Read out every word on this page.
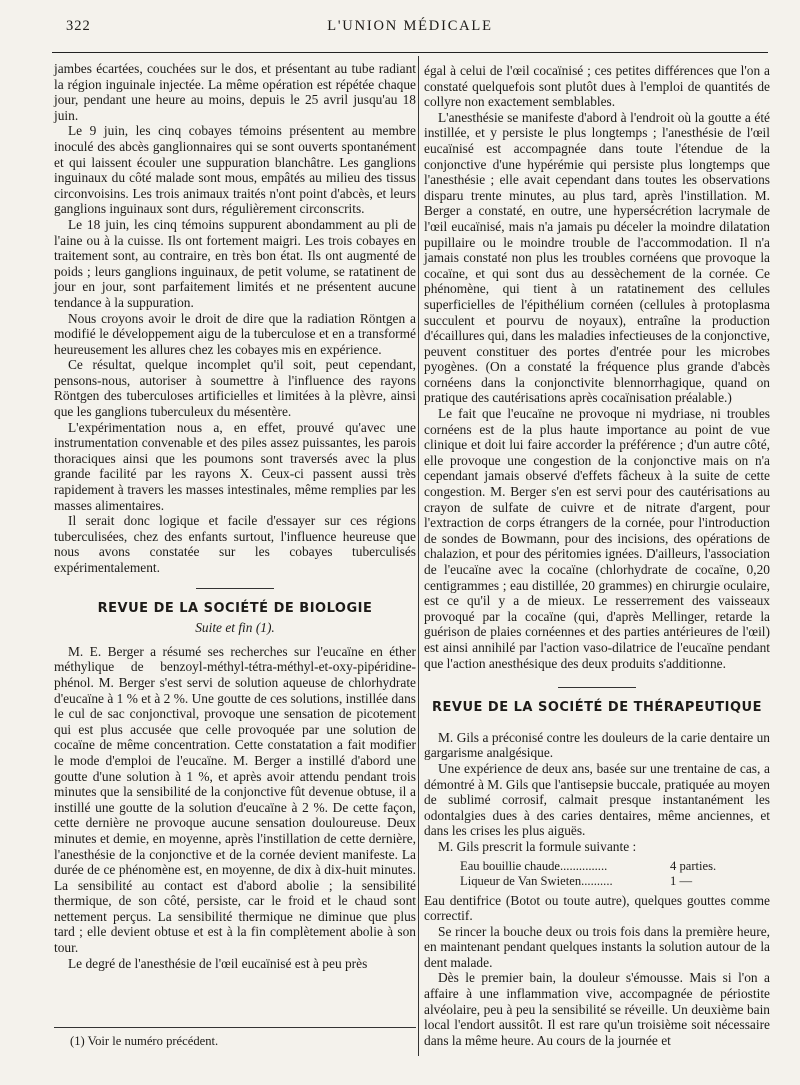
322	L'UNION MÉDICALE

jambes écartées, couchées sur le dos, et présentant au tube radiant la région inguinale injectée. La même opération est répétée chaque jour, pendant une heure au moins, depuis le 25 avril jusqu'au 18 juin.

Le 9 juin, les cinq cobayes témoins présentent au membre inoculé des abcès ganglionnaires qui se sont ouverts spontanément et qui laissent écouler une suppuration blanchâtre. Les ganglions inguinaux du côté malade sont mous, empâtés au milieu des tissus circonvoisins. Les trois animaux traités n'ont point d'abcès, et leurs ganglions inguinaux sont durs, régulièrement circonscrits.

Le 18 juin, les cinq témoins suppurent abondamment au pli de l'aine ou à la cuisse. Ils ont fortement maigri. Les trois cobayes en traitement sont, au contraire, en très bon état. Ils ont augmenté de poids ; leurs ganglions inguinaux, de petit volume, se ratatinent de jour en jour, sont parfaitement limités et ne présentent aucune tendance à la suppuration.

Nous croyons avoir le droit de dire que la radiation Röntgen a modifié le développement aigu de la tuberculose et en a transformé heureusement les allures chez les cobayes mis en expérience.

Ce résultat, quelque incomplet qu'il soit, peut cependant, pensons-nous, autoriser à soumettre à l'influence des rayons Röntgen des tuberculoses artificielles et limitées à la plèvre, ainsi que les ganglions tuberculeux du mésentère.

L'expérimentation nous a, en effet, prouvé qu'avec une instrumentation convenable et des piles assez puissantes, les parois thoraciques ainsi que les poumons sont traversés avec la plus grande facilité par les rayons X. Ceux-ci passent aussi très rapidement à travers les masses intestinales, même remplies par les masses alimentaires.

Il serait donc logique et facile d'essayer sur ces régions tuberculisées, chez des enfants surtout, l'influence heureuse que nous avons constatée sur les cobayes tuberculisés expérimentalement.

REVUE DE LA SOCIÉTÉ DE BIOLOGIE
Suite et fin (1).

M. E. Berger a résumé ses recherches sur l'eucaïne en éther méthylique de benzoyl-méthyl-tétra-méthyl-et-oxy-pipéridine-phénol. M. Berger s'est servi de solution aqueuse de chlorhydrate d'eucaïne à 1 % et à 2 %. Une goutte de ces solutions, instillée dans le cul de sac conjonctival, provoque une sensation de picotement qui est plus accusée que celle provoquée par une solution de cocaïne de même concentration. Cette constatation a fait modifier le mode d'emploi de l'eucaïne. M. Berger a instillé d'abord une goutte d'une solution à 1 %, et après avoir attendu pendant trois minutes que la sensibilité de la conjonctive fût devenue obtuse, il a instillé une goutte de la solution d'eucaïne à 2 %. De cette façon, cette dernière ne provoque aucune sensation douloureuse. Deux minutes et demie, en moyenne, après l'instillation de cette dernière, l'anesthésie de la conjonctive et de la cornée devient manifeste. La durée de ce phénomène est, en moyenne, de dix à dix-huit minutes. La sensibilité au contact est d'abord abolie ; la sensibilité thermique, de son côté, persiste, car le froid et le chaud sont nettement perçus. La sensibilité thermique ne diminue que plus tard ; elle devient obtuse et est à la fin complètement abolie à son tour.

Le degré de l'anesthésie de l'œil eucaïnisé est à peu près

(1) Voir le numéro précédent.

égal à celui de l'œil cocaïnisé ; ces petites différences que l'on a constaté quelquefois sont plutôt dues à l'emploi de quantités de collyre non exactement semblables.

L'anesthésie se manifeste d'abord à l'endroit où la goutte a été instillée, et y persiste le plus longtemps ; l'anesthésie de l'œil eucaïnisé est accompagnée dans toute l'étendue de la conjonctive d'une hypérémie qui persiste plus longtemps que l'anesthésie ; elle avait cependant dans toutes les observations disparu trente minutes, au plus tard, après l'instillation. M. Berger a constaté, en outre, une hypersécrétion lacrymale de l'œil eucaïnisé, mais n'a jamais pu déceler la moindre dilatation pupillaire ou le moindre trouble de l'accommodation. Il n'a jamais constaté non plus les troubles cornéens que provoque la cocaïne, et qui sont dus au dessèchement de la cornée. Ce phénomène, qui tient à un ratatinement des cellules superficielles de l'épithélium cornéen (cellules à protoplasma succulent et pourvu de noyaux), entraîne la production d'écaillures qui, dans les maladies infectieuses de la conjonctive, peuvent constituer des portes d'entrée pour les microbes pyogènes. (On a constaté la fréquence plus grande d'abcès cornéens dans la conjonctivite blennorrhagique, quand on pratique des cautérisations après cocaïnisation préalable.)

Le fait que l'eucaïne ne provoque ni mydriase, ni troubles cornéens est de la plus haute importance au point de vue clinique et doit lui faire accorder la préférence ; d'un autre côté, elle provoque une congestion de la conjonctive mais on n'a cependant jamais observé d'effets fâcheux à la suite de cette congestion. M. Berger s'en est servi pour des cautérisations au crayon de sulfate de cuivre et de nitrate d'argent, pour l'extraction de corps étrangers de la cornée, pour l'introduction de sondes de Bowmann, pour des incisions, des opérations de chalazion, et pour des péritomies ignées. D'ailleurs, l'association de l'eucaïne avec la cocaïne (chlorhydrate de cocaïne, 0,20 centigrammes ; eau distillée, 20 grammes) en chirurgie oculaire, est ce qu'il y a de mieux. Le resserrement des vaisseaux provoqué par la cocaïne (qui, d'après Mellinger, retarde la guérison de plaies cornéennes et des parties antérieures de l'œil) est ainsi annihilé par l'action vaso-dilatrice de l'eucaïne pendant que l'action anesthésique des deux produits s'additionne.

REVUE DE LA SOCIÉTÉ DE THÉRAPEUTIQUE

M. Gils a préconisé contre les douleurs de la carie dentaire un gargarisme analgésique.

Une expérience de deux ans, basée sur une trentaine de cas, a démontré à M. Gils que l'antisepsie buccale, pratiquée au moyen de sublimé corrosif, calmait presque instantanément les odontalgies dues à des caries dentaires, même anciennes, et dans les crises les plus aiguës.

M. Gils prescrit la formule suivante :

Eau bouillie chaude...............	4 parties.
Liqueur de Van Swieten..........	1 —

Eau dentifrice (Botot ou toute autre), quelques gouttes comme correctif.

Se rincer la bouche deux ou trois fois dans la première heure, en maintenant pendant quelques instants la solution autour de la dent malade.

Dès le premier bain, la douleur s'émousse. Mais si l'on a affaire à une inflammation vive, accompagnée de périostite alvéolaire, peu à peu la sensibilité se réveille. Un deuxième bain local l'endort aussitôt. Il est rare qu'un troisième soit nécessaire dans la même heure. Au cours de la journée et
